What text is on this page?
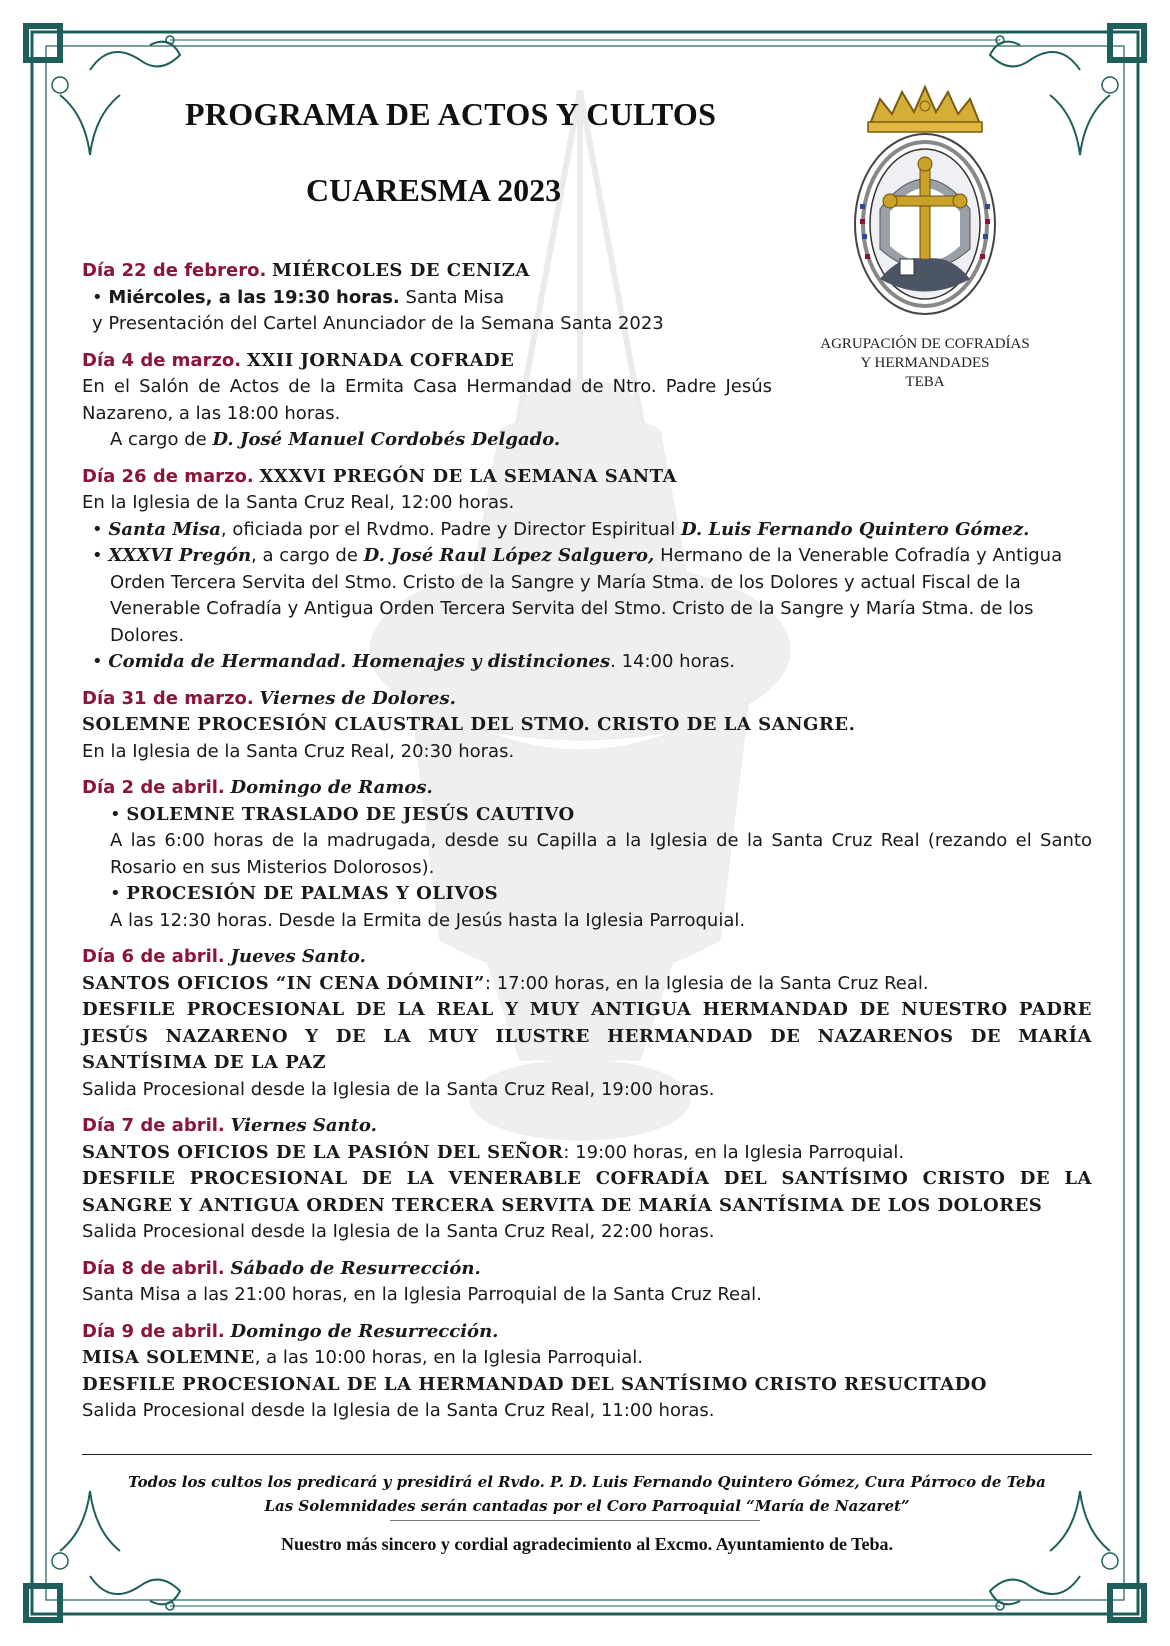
PROGRAMA DE ACTOS Y CULTOS
CUARESMA 2023
AGRUPACIÓN DE COFRADÍAS
Y HERMANDADES
TEBA
Día 22 de febrero. MIÉRCOLES DE CENIZA
• Miércoles, a las 19:30 horas. Santa Misa
y Presentación del Cartel Anunciador de la Semana Santa 2023
Día 4 de marzo. XXII JORNADA COFRADE
En el Salón de Actos de la Ermita Casa Hermandad de Ntro. Padre Jesús Nazareno, a las 18:00 horas.
A cargo de D. José Manuel Cordobés Delgado.
Día 26 de marzo. XXXVI PREGÓN DE LA SEMANA SANTA
En la Iglesia de la Santa Cruz Real, 12:00 horas.
• Santa Misa, oficiada por el Rvdmo. Padre y Director Espiritual D. Luis Fernando Quintero Gómez.
• XXXVI Pregón, a cargo de D. José Raul López Salguero, Hermano de la Venerable Cofradía y Antigua Orden Tercera Servita del Stmo. Cristo de la Sangre y María Stma. de los Dolores y actual Fiscal de la Venerable Cofradía y Antigua Orden Tercera Servita del Stmo. Cristo de la Sangre y María Stma. de los Dolores.
• Comida de Hermandad. Homenajes y distinciones. 14:00 horas.
Día 31 de marzo. Viernes de Dolores.
SOLEMNE PROCESIÓN CLAUSTRAL DEL STMO. CRISTO DE LA SANGRE.
En la Iglesia de la Santa Cruz Real, 20:30 horas.
Día 2 de abril. Domingo de Ramos.
• SOLEMNE TRASLADO DE JESÚS CAUTIVO
A las 6:00 horas de la madrugada, desde su Capilla a la Iglesia de la Santa Cruz Real (rezando el Santo Rosario en sus Misterios Dolorosos).
• PROCESIÓN DE PALMAS Y OLIVOS
A las 12:30 horas. Desde la Ermita de Jesús hasta la Iglesia Parroquial.
Día 6 de abril. Jueves Santo.
SANTOS OFICIOS “IN CENA DÓMINI”: 17:00 horas, en la Iglesia de la Santa Cruz Real.
DESFILE PROCESIONAL DE LA REAL Y MUY ANTIGUA HERMANDAD DE NUESTRO PADRE JESÚS NAZARENO Y DE LA MUY ILUSTRE HERMANDAD DE NAZARENOS DE MARÍA SANTÍSIMA DE LA PAZ
Salida Procesional desde la Iglesia de la Santa Cruz Real, 19:00 horas.
Día 7 de abril. Viernes Santo.
SANTOS OFICIOS DE LA PASIÓN DEL SEÑOR: 19:00 horas, en la Iglesia Parroquial.
DESFILE PROCESIONAL DE LA VENERABLE COFRADÍA DEL SANTÍSIMO CRISTO DE LA SANGRE Y ANTIGUA ORDEN TERCERA SERVITA DE MARÍA SANTÍSIMA DE LOS DOLORES
Salida Procesional desde la Iglesia de la Santa Cruz Real, 22:00 horas.
Día 8 de abril. Sábado de Resurrección.
Santa Misa a las 21:00 horas, en la Iglesia Parroquial de la Santa Cruz Real.
Día 9 de abril. Domingo de Resurrección.
MISA SOLEMNE, a las 10:00 horas, en la Iglesia Parroquial.
DESFILE PROCESIONAL DE LA HERMANDAD DEL SANTÍSIMO CRISTO RESUCITADO
Salida Procesional desde la Iglesia de la Santa Cruz Real, 11:00 horas.
Todos los cultos los predicará y presidirá el Rvdo. P. D. Luis Fernando Quintero Gómez, Cura Párroco de Teba
Las Solemnidades serán cantadas por el Coro Parroquial “María de Nazaret”
Nuestro más sincero y cordial agradecimiento al Excmo. Ayuntamiento de Teba.
